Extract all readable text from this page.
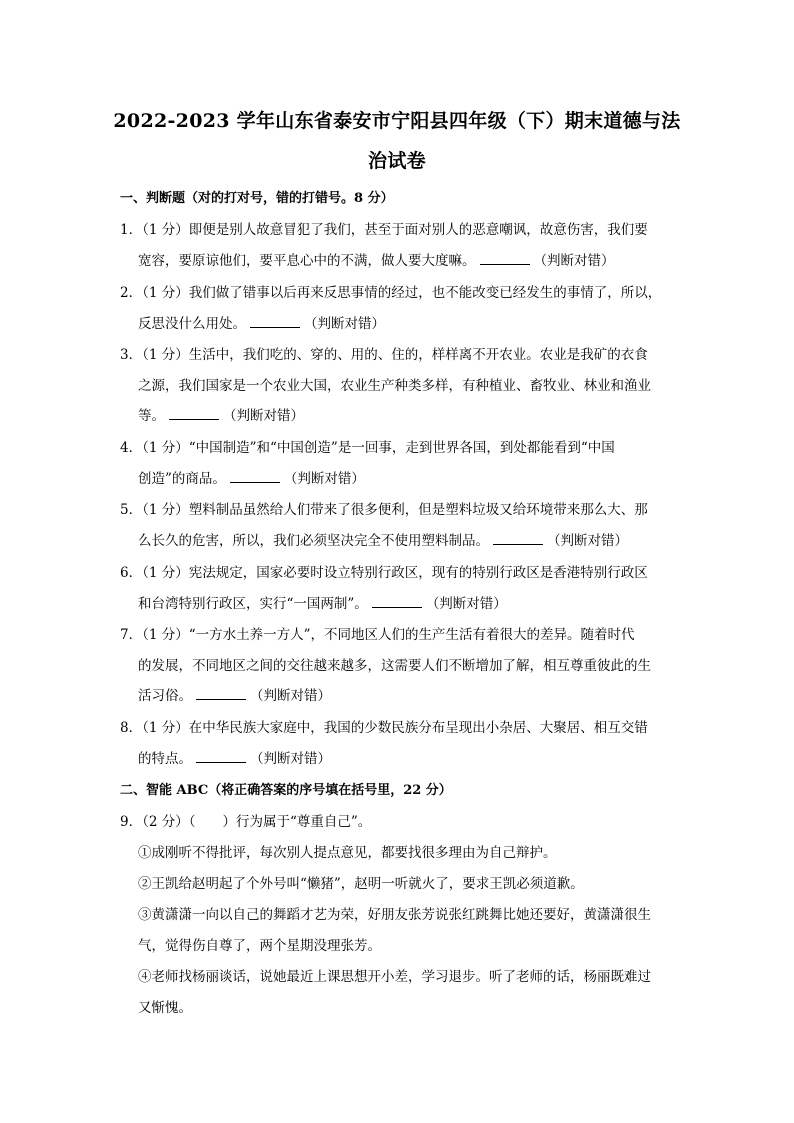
2022-2023 学年山东省泰安市宁阳县四年级（下）期末道德与法
治试卷
一、判断题（对的打对号，错的打错号。8 分）
1．（1 分）即便是别人故意冒犯了我们，甚至于面对别人的恶意嘲讽，故意伤害，我们要
宽容，要原谅他们，要平息心中的不满，做人要大度嘛。	（判断对错）
2．（1 分）我们做了错事以后再来反思事情的经过，也不能改变已经发生的事情了，所以，
反思没什么用处。	（判断对错）
3．（1 分）生活中，我们吃的、穿的、用的、住的，样样离不开农业。农业是我矿的衣食
之源，我们国家是一个农业大国，农业生产种类多样，有种植业、畜牧业、林业和渔业
等。	（判断对错）
4．（1 分）“中国制造”和“中国创造”是一回事，走到世界各国，到处都能看到“中国
创造”的商品。	（判断对错）
5．（1 分）塑料制品虽然给人们带来了很多便利，但是塑料垃圾又给环境带来那么大、那
么长久的危害，所以，我们必须坚决完全不使用塑料制品。	（判断对错）
6．（1 分）宪法规定，国家必要时设立特别行政区，现有的特别行政区是香港特别行政区
和台湾特别行政区，实行“一国两制”。	（判断对错）
7．（1 分）“一方水土养一方人”，不同地区人们的生产生活有着很大的差异。随着时代
的发展，不同地区之间的交往越来越多，这需要人们不断增加了解，相互尊重彼此的生
活习俗。	（判断对错）
8．（1 分）在中华民族大家庭中，我国的少数民族分布呈现出小杂居、大聚居、相互交错
的特点。	（判断对错）
二、智能 ABC（将正确答案的序号填在括号里，22 分）
9．（2 分）（　　）行为属于“尊重自己”。
①成刚听不得批评，每次别人提点意见，都要找很多理由为自己辩护。
②王凯给赵明起了个外号叫“懒猪”，赵明一听就火了，要求王凯必须道歉。
③黄潇潇一向以自己的舞蹈才艺为荣，好朋友张芳说张红跳舞比她还要好，黄潇潇很生
气，觉得伤自尊了，两个星期没理张芳。
④老师找杨丽谈话，说她最近上课思想开小差，学习退步。听了老师的话，杨丽既难过
又惭愧。
